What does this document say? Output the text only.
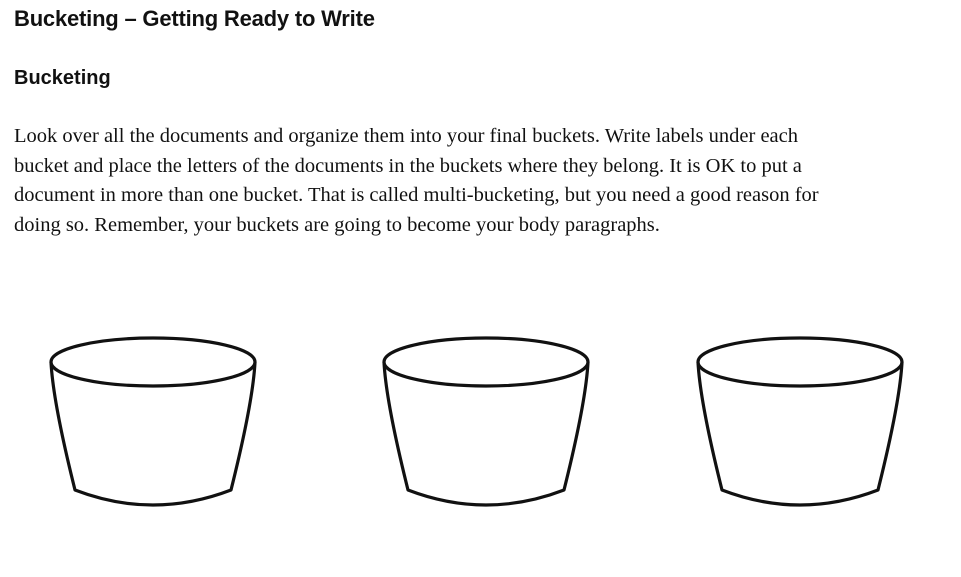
Bucketing – Getting Ready to Write
Bucketing

Look over all the documents and organize them into your final buckets. Write labels under each
bucket and place the letters of the documents in the buckets where they belong. It is OK to put a
document in more than one bucket. That is called multi-bucketing, but you need a good reason for
doing so. Remember, your buckets are going to become your body paragraphs.
